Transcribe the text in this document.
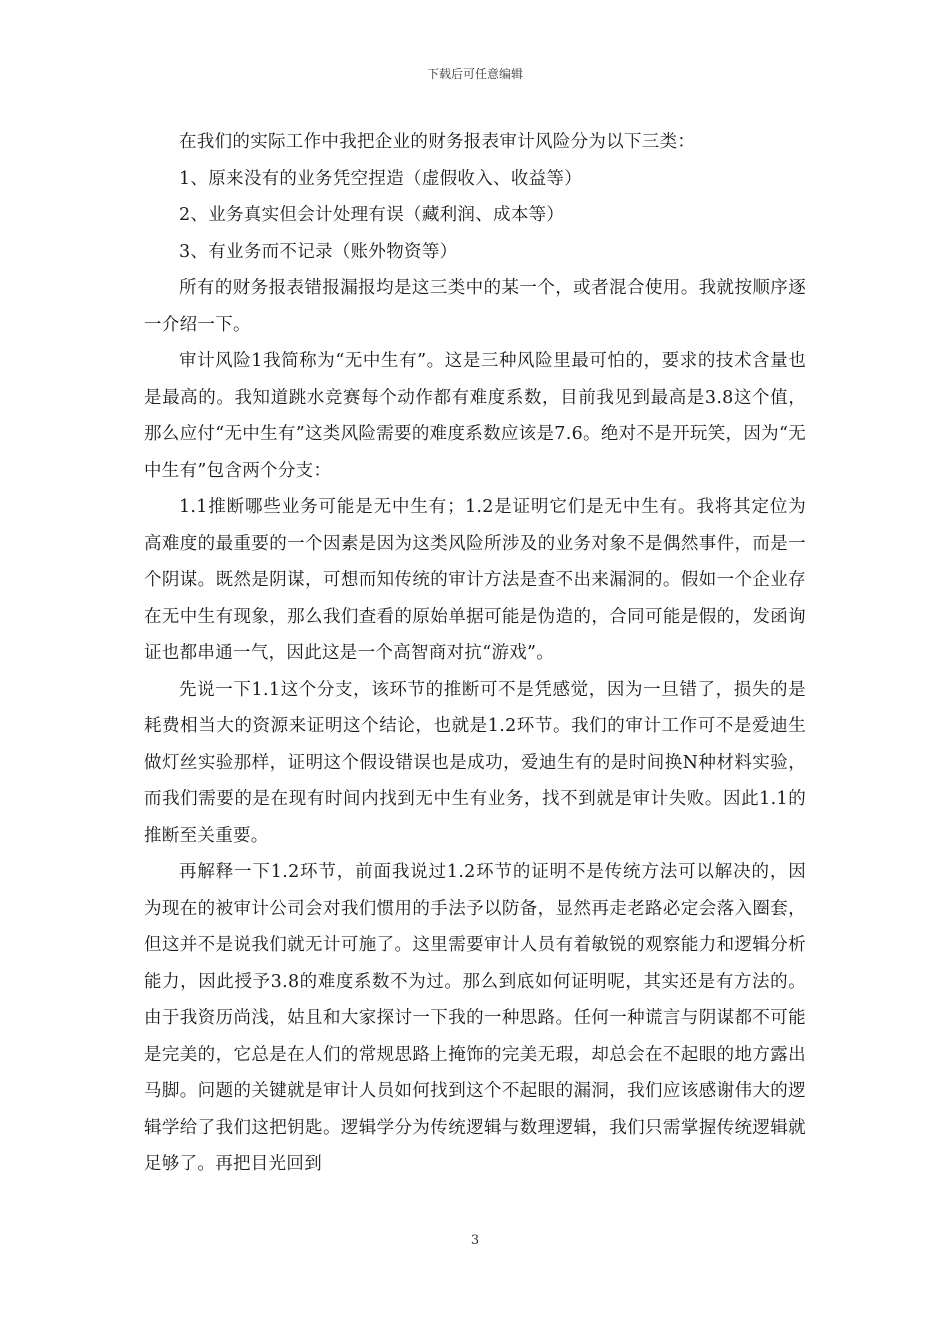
下载后可任意编辑

在我们的实际工作中我把企业的财务报表审计风险分为以下三类：

1、原来没有的业务凭空捏造（虚假收入、收益等）

2、业务真实但会计处理有误（藏利润、成本等）

3、有业务而不记录（账外物资等）

所有的财务报表错报漏报均是这三类中的某一个，或者混合使用。我就按顺序逐一介绍一下。

审计风险1我简称为“无中生有”。这是三种风险里最可怕的，要求的技术含量也是最高的。我知道跳水竞赛每个动作都有难度系数，目前我见到最高是3.8这个值，那么应付“无中生有”这类风险需要的难度系数应该是7.6。绝对不是开玩笑，因为“无中生有”包含两个分支：

1.1推断哪些业务可能是无中生有；1.2是证明它们是无中生有。我将其定位为高难度的最重要的一个因素是因为这类风险所涉及的业务对象不是偶然事件，而是一个阴谋。既然是阴谋，可想而知传统的审计方法是查不出来漏洞的。假如一个企业存在无中生有现象，那么我们查看的原始单据可能是伪造的，合同可能是假的，发函询证也都串通一气，因此这是一个高智商对抗“游戏”。

先说一下1.1这个分支，该环节的推断可不是凭感觉，因为一旦错了，损失的是耗费相当大的资源来证明这个结论，也就是1.2环节。我们的审计工作可不是爱迪生做灯丝实验那样，证明这个假设错误也是成功，爱迪生有的是时间换N种材料实验，而我们需要的是在现有时间内找到无中生有业务，找不到就是审计失败。因此1.1的推断至关重要。

再解释一下1.2环节，前面我说过1.2环节的证明不是传统方法可以解决的，因为现在的被审计公司会对我们惯用的手法予以防备，显然再走老路必定会落入圈套，但这并不是说我们就无计可施了。这里需要审计人员有着敏锐的观察能力和逻辑分析能力，因此授予3.8的难度系数不为过。那么到底如何证明呢，其实还是有方法的。由于我资历尚浅，姑且和大家探讨一下我的一种思路。任何一种谎言与阴谋都不可能是完美的，它总是在人们的常规思路上掩饰的完美无瑕，却总会在不起眼的地方露出马脚。问题的关键就是审计人员如何找到这个不起眼的漏洞，我们应该感谢伟大的逻辑学给了我们这把钥匙。逻辑学分为传统逻辑与数理逻辑，我们只需掌握传统逻辑就足够了。再把目光回到

3
